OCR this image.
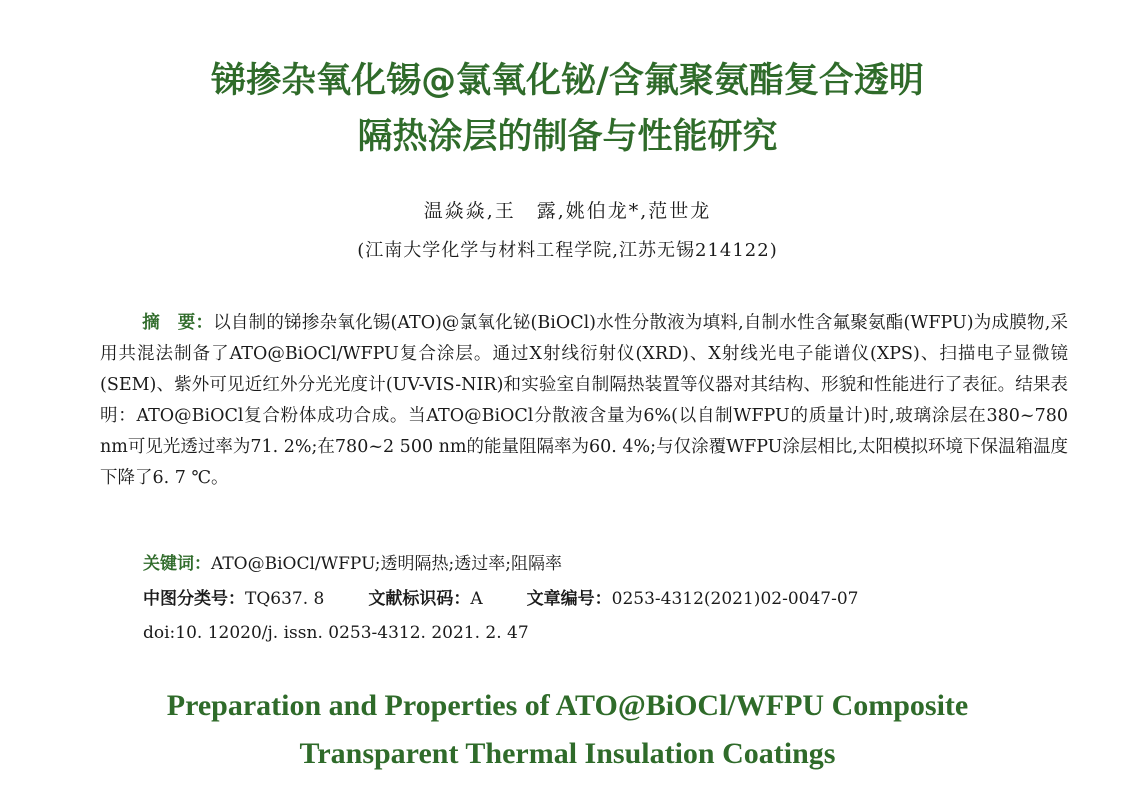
锑掺杂氧化锡@氯氧化铋/含氟聚氨酯复合透明
隔热涂层的制备与性能研究
温焱焱,王　露,姚伯龙*,范世龙
(江南大学化学与材料工程学院,江苏无锡214122)
摘　要：以自制的锑掺杂氧化锡(ATO)@氯氧化铋(BiOCl)水性分散液为填料,自制水性含氟聚氨酯(WFPU)为成膜物,采用共混法制备了ATO@BiOCl/WFPU复合涂层。通过X射线衍射仪(XRD)、X射线光电子能谱仪(XPS)、扫描电子显微镜(SEM)、紫外可见近红外分光光度计(UV-VIS-NIR)和实验室自制隔热装置等仪器对其结构、形貌和性能进行了表征。结果表明：ATO@BiOCl复合粉体成功合成。当ATO@BiOCl分散液含量为6%(以自制WFPU的质量计)时,玻璃涂层在380~780 nm可见光透过率为71. 2%;在780~2 500 nm的能量阻隔率为60. 4%;与仅涂覆WFPU涂层相比,太阳模拟环境下保温箱温度下降了6. 7 ℃。
关键词：ATO@BiOCl/WFPU;透明隔热;透过率;阻隔率
中图分类号：TQ637. 8	文献标识码：A	文章编号：0253-4312(2021)02-0047-07
doi:10. 12020/j. issn. 0253-4312. 2021. 2. 47
Preparation and Properties of ATO@BiOCl/WFPU Composite
Transparent Thermal Insulation Coatings
